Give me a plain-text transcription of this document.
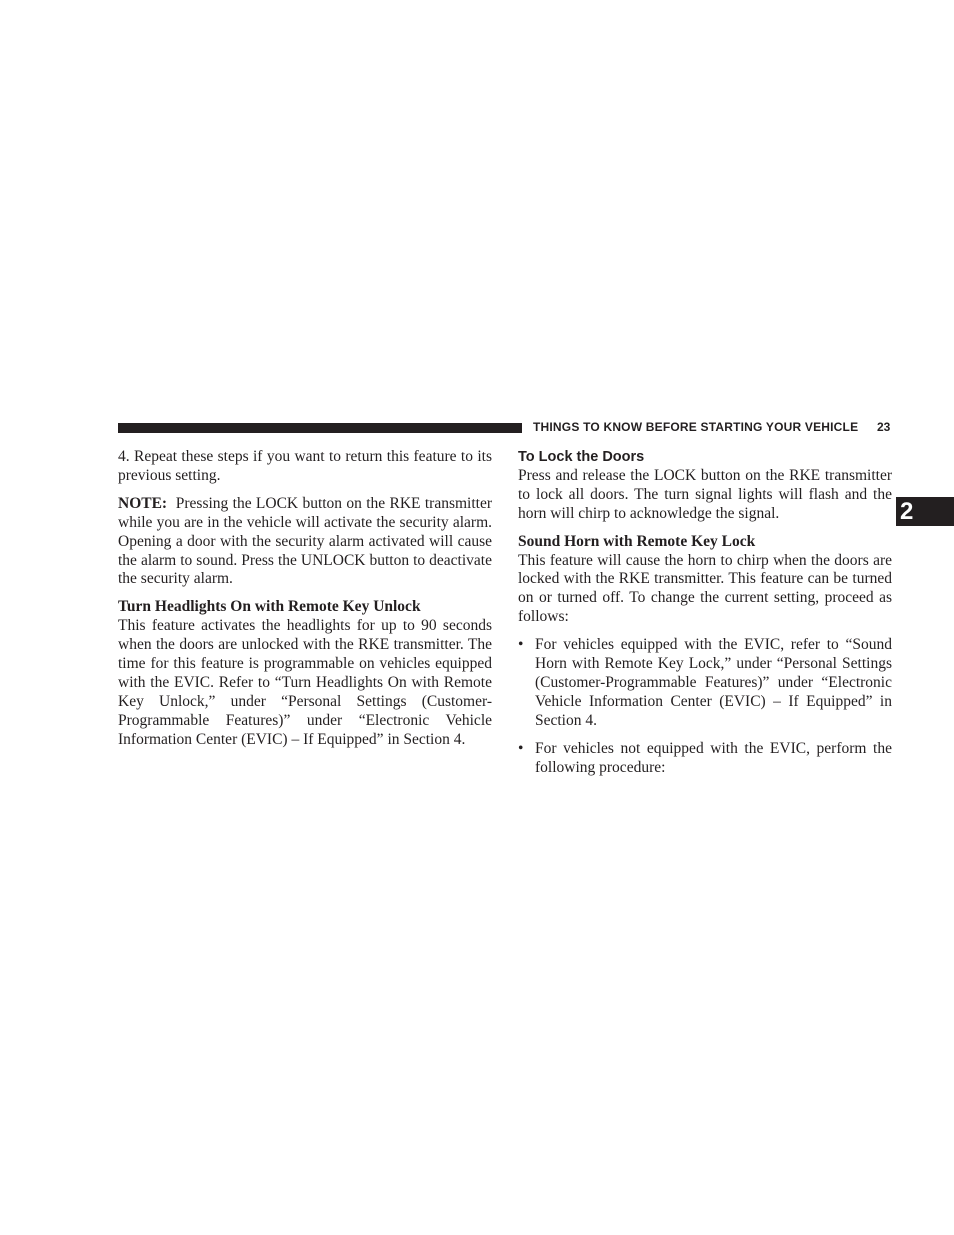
THINGS TO KNOW BEFORE STARTING YOUR VEHICLE 23
2

4. Repeat these steps if you want to return this feature to its previous setting.

NOTE:  Pressing the LOCK button on the RKE transmitter while you are in the vehicle will activate the security alarm. Opening a door with the security alarm activated will cause the alarm to sound. Press the UNLOCK button to deactivate the security alarm.

Turn Headlights On with Remote Key Unlock

This feature activates the headlights for up to 90 seconds when the doors are unlocked with the RKE transmitter. The time for this feature is programmable on vehicles equipped with the EVIC. Refer to “Turn Headlights On with Remote Key Unlock,” under “Personal Settings (Customer-Programmable Features)” under “Electronic Vehicle Information Center (EVIC) – If Equipped” in Section 4.

To Lock the Doors

Press and release the LOCK button on the RKE transmitter to lock all doors. The turn signal lights will flash and the horn will chirp to acknowledge the signal.

Sound Horn with Remote Key Lock

This feature will cause the horn to chirp when the doors are locked with the RKE transmitter. This feature can be turned on or turned off. To change the current setting, proceed as follows:

• For vehicles equipped with the EVIC, refer to “Sound Horn with Remote Key Lock,” under “Personal Settings (Customer-Programmable Features)” under “Electronic Vehicle Information Center (EVIC) – If Equipped” in Section 4.
• For vehicles not equipped with the EVIC, perform the following procedure:
